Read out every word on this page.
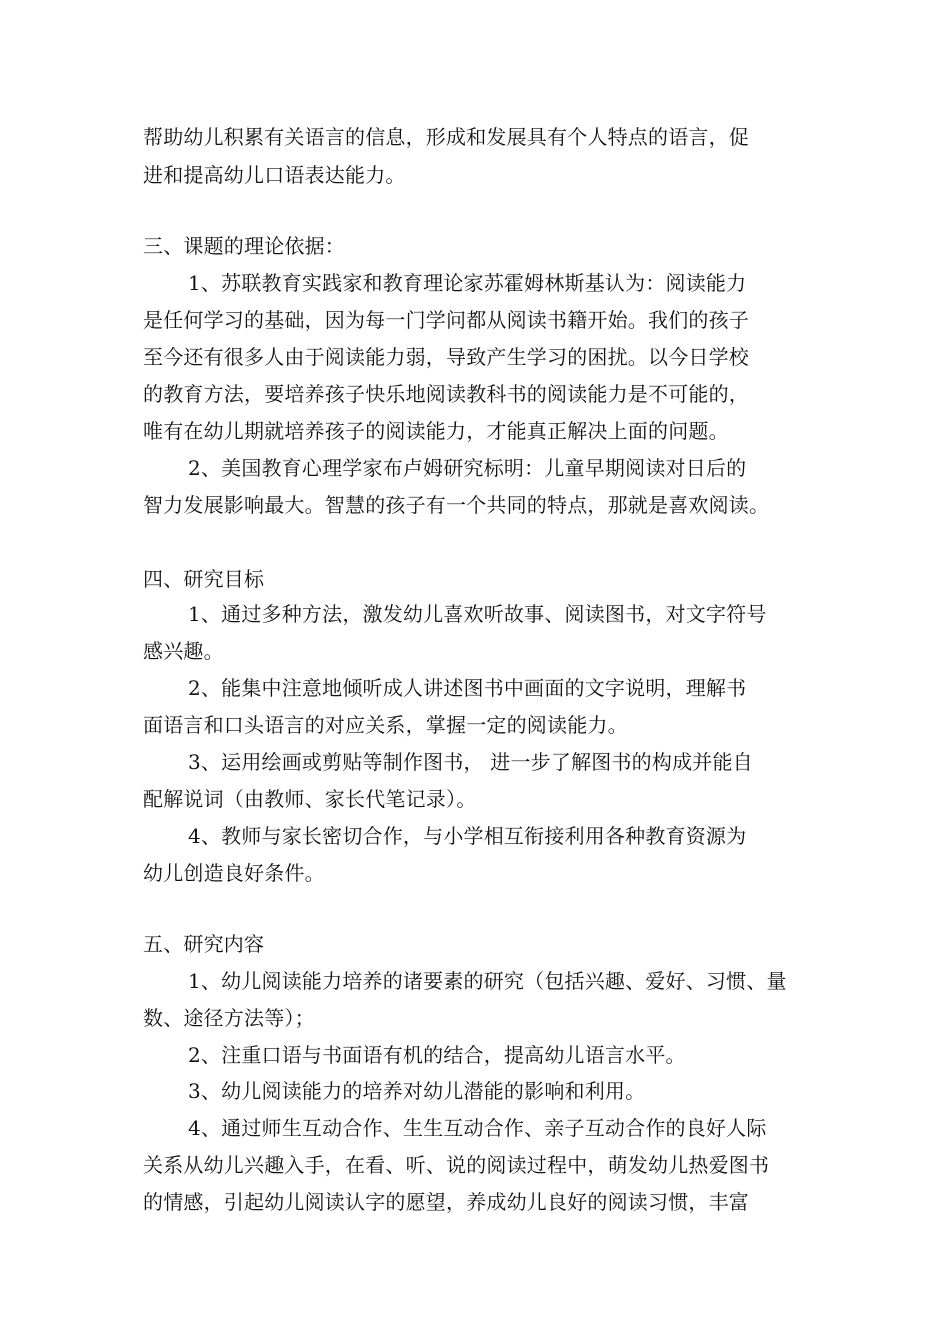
帮助幼儿积累有关语言的信息，形成和发展具有个人特点的语言，促
进和提高幼儿口语表达能力。
三、课题的理论依据：
1、苏联教育实践家和教育理论家苏霍姆林斯基认为：阅读能力
是任何学习的基础，因为每一门学问都从阅读书籍开始。我们的孩子
至今还有很多人由于阅读能力弱，导致产生学习的困扰。以今日学校
的教育方法，要培养孩子快乐地阅读教科书的阅读能力是不可能的，
唯有在幼儿期就培养孩子的阅读能力，才能真正解决上面的问题。
2、美国教育心理学家布卢姆研究标明：儿童早期阅读对日后的
智力发展影响最大。智慧的孩子有一个共同的特点，那就是喜欢阅读。
四、研究目标
1、通过多种方法，激发幼儿喜欢听故事、阅读图书，对文字符号
感兴趣。
2、能集中注意地倾听成人讲述图书中画面的文字说明，理解书
面语言和口头语言的对应关系，掌握一定的阅读能力。
3、运用绘画或剪贴等制作图书， 进一步了解图书的构成并能自
配解说词（由教师、家长代笔记录）。
4、教师与家长密切合作，与小学相互衔接利用各种教育资源为
幼儿创造良好条件。
五、研究内容
1、幼儿阅读能力培养的诸要素的研究（包括兴趣、爱好、习惯、量
数、途径方法等）；
2、注重口语与书面语有机的结合，提高幼儿语言水平。
3、幼儿阅读能力的培养对幼儿潜能的影响和利用。
4、通过师生互动合作、生生互动合作、亲子互动合作的良好人际
关系从幼儿兴趣入手，在看、听、说的阅读过程中，萌发幼儿热爱图书
的情感，引起幼儿阅读认字的愿望，养成幼儿良好的阅读习惯，丰富
